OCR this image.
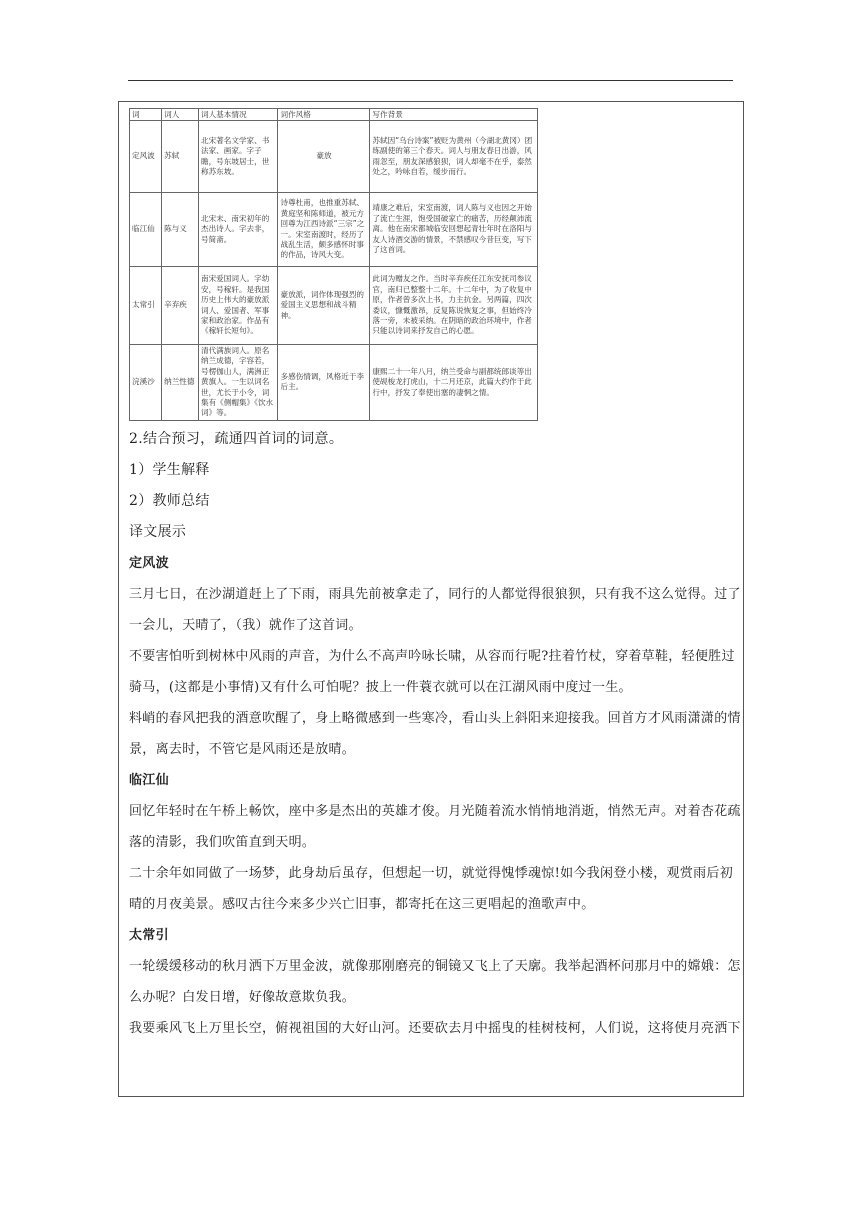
词	词人	词人基本情况	词作风格	写作背景
定风波	苏轼	北宋著名文学家、书法家、画家。字子瞻，号东坡居士，世称苏东坡。	豪放	苏轼因“乌台诗案”被贬为黄州（今湖北黄冈）团练副使的第三个春天。词人与朋友春日出游，风雨忽至，朋友深感狼狈，词人却毫不在乎，泰然处之，吟咏自若，缓步而行。
临江仙	陈与义	北宋末、南宋初年的杰出诗人。字去非，号简斋。	诗尊杜甫，也推重苏轼、黄庭坚和陈师道，被元方回尊为江西诗派“三宗”之一。宋室南渡时，经历了战乱生活，颇多感怀时事的作品，诗风大变。	靖康之难后，宋室南渡，词人陈与义也因之开始了流亡生涯，饱受国破家亡的痛苦，历经颠沛流离。他在南宋都城临安回想起青壮年时在洛阳与友人诗酒交游的情景，不禁感叹今昔巨变，写下了这首词。
太常引	辛弃疾	南宋爱国词人。字幼安，号稼轩。是我国历史上伟大的豪放派词人、爱国者、军事家和政治家。作品有《稼轩长短句》。	豪放派，词作体现强烈的爱国主义思想和战斗精神。	此词为赠友之作。当时辛弃疾任江东安抚司参议官，南归已整整十二年。十二年中，为了收复中原，作者曾多次上书，力主抗金。另两篇，四次委议，慷慨激昂，反复陈说恢复之事，但始终冷落一旁，未被采纳。在阴暗的政治环境中，作者只能以诗词来抒发自己的心愿。
浣溪沙	纳兰性德	清代满族词人。原名纳兰成德，字容若，号楞伽山人，满洲正黄旗人。一生以词名世，尤长于小令，词集有《侧帽集》《饮水词》等。	多感伤情调，风格近于李后主。	康熙二十一年八月，纳兰受命与副都统郎谈等出使觇梭龙打虎山，十二月还京，此篇大约作于此行中，抒发了奉使出塞的凄惘之情。
2.结合预习，疏通四首词的词意。
1）学生解释
2）教师总结
译文展示
定风波
三月七日，在沙湖道赶上了下雨，雨具先前被拿走了，同行的人都觉得很狼狈，只有我不这么觉得。过了一会儿，天晴了，（我）就作了这首词。
不要害怕听到树林中风雨的声音，为什么不高声吟咏长啸，从容而行呢?拄着竹杖，穿着草鞋，轻便胜过骑马，(这都是小事情)又有什么可怕呢？披上一件蓑衣就可以在江湖风雨中度过一生。
料峭的春风把我的酒意吹醒了，身上略微感到一些寒冷，看山头上斜阳来迎接我。回首方才风雨潇潇的情景，离去时，不管它是风雨还是放晴。
临江仙
回忆年轻时在午桥上畅饮，座中多是杰出的英雄才俊。月光随着流水悄悄地消逝，悄然无声。对着杏花疏落的清影，我们吹笛直到天明。
二十余年如同做了一场梦，此身劫后虽存，但想起一切，就觉得愧悸魂惊!如今我闲登小楼，观赏雨后初晴的月夜美景。感叹古往今来多少兴亡旧事，都寄托在这三更唱起的渔歌声中。
太常引
一轮缓缓移动的秋月洒下万里金波，就像那刚磨亮的铜镜又飞上了天廓。我举起酒杯问那月中的嫦娥：怎么办呢？白发日增，好像故意欺负我。
我要乘风飞上万里长空，俯视祖国的大好山河。还要砍去月中摇曳的桂树枝柯，人们说，这将使月亮洒下
